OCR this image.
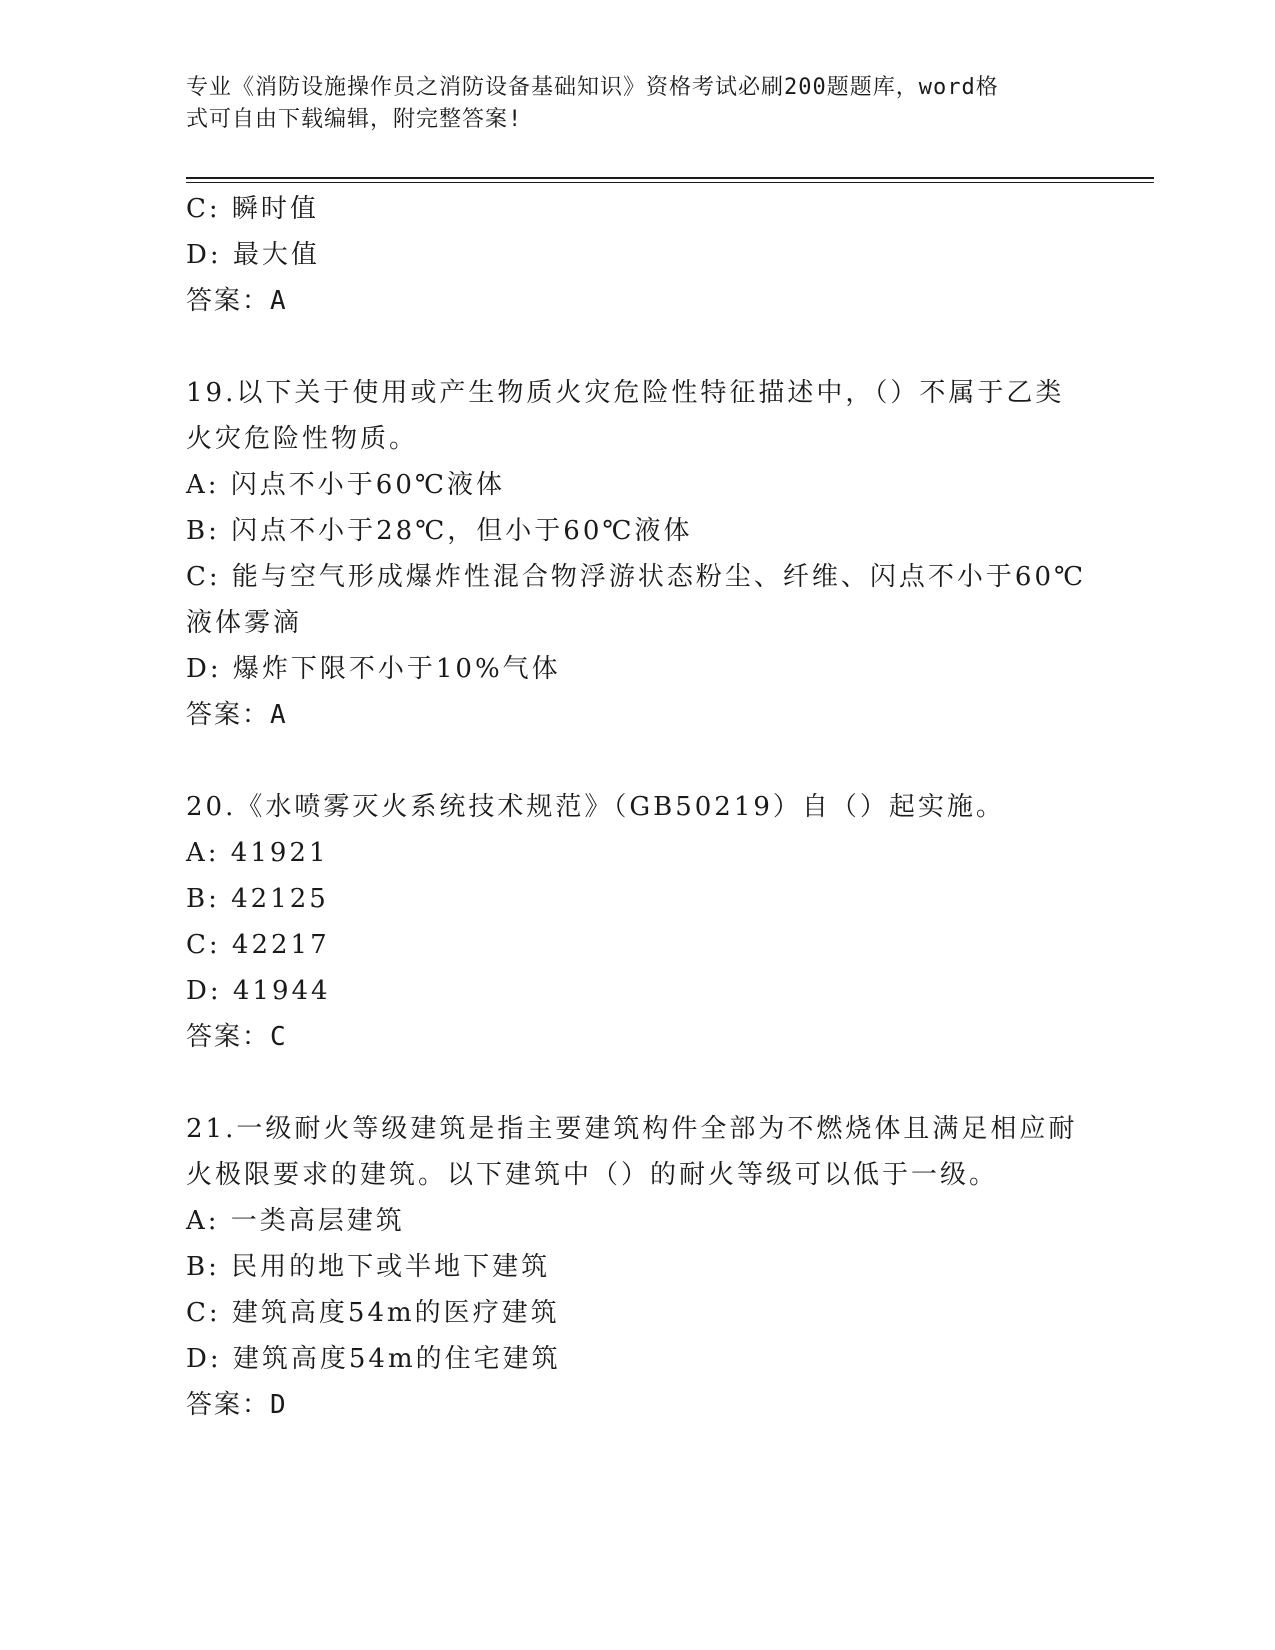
专业《消防设施操作员之消防设备基础知识》资格考试必刷200题题库，word格
式可自由下载编辑，附完整答案!
C: 瞬时值
D: 最大值
答案：A
19.以下关于使用或产生物质火灾危险性特征描述中，（）不属于乙类
火灾危险性物质。
A: 闪点不小于60℃液体
B: 闪点不小于28℃，但小于60℃液体
C: 能与空气形成爆炸性混合物浮游状态粉尘、纤维、闪点不小于60℃
液体雾滴
D: 爆炸下限不小于10%气体
答案：A
20.《水喷雾灭火系统技术规范》（GB50219）自（）起实施。
A: 41921
B: 42125
C: 42217
D: 41944
答案：C
21.一级耐火等级建筑是指主要建筑构件全部为不燃烧体且满足相应耐
火极限要求的建筑。以下建筑中（）的耐火等级可以低于一级。
A: 一类高层建筑
B: 民用的地下或半地下建筑
C: 建筑高度54m的医疗建筑
D: 建筑高度54m的住宅建筑
答案：D
